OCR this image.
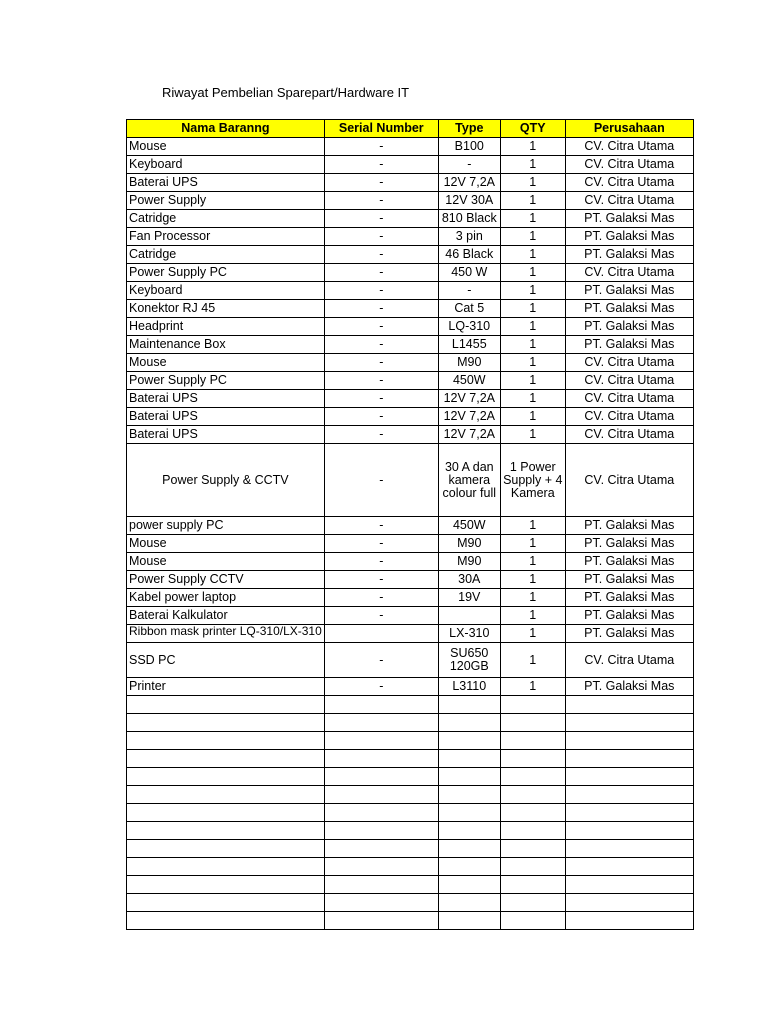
Riwayat Pembelian Sparepart/Hardware IT
Nama Baranng	Serial Number	Type	QTY	Perusahaan
Mouse	-	B100	1	CV. Citra Utama
Keyboard	-	-	1	CV. Citra Utama
Baterai UPS	-	12V 7,2A	1	CV. Citra Utama
Power Supply	-	12V 30A	1	CV. Citra Utama
Catridge	-	810 Black	1	PT. Galaksi Mas
Fan Processor	-	3 pin	1	PT. Galaksi Mas
Catridge	-	46 Black	1	PT. Galaksi Mas
Power Supply PC	-	450 W	1	CV. Citra Utama
Keyboard	-	-	1	PT. Galaksi Mas
Konektor RJ 45	-	Cat 5	1	PT. Galaksi Mas
Headprint	-	LQ-310	1	PT. Galaksi Mas
Maintenance Box	-	L1455	1	PT. Galaksi Mas
Mouse	-	M90	1	CV. Citra Utama
Power Supply PC	-	450W	1	CV. Citra Utama
Baterai UPS	-	12V 7,2A	1	CV. Citra Utama
Baterai UPS	-	12V 7,2A	1	CV. Citra Utama
Baterai UPS	-	12V 7,2A	1	CV. Citra Utama
Power Supply & CCTV	-	30 A dan kamera colour full	1 Power Supply + 4 Kamera	CV. Citra Utama
power supply PC	-	450W	1	PT. Galaksi Mas
Mouse	-	M90	1	PT. Galaksi Mas
Mouse	-	M90	1	PT. Galaksi Mas
Power Supply CCTV	-	30A	1	PT. Galaksi Mas
Kabel power laptop	-	19V	1	PT. Galaksi Mas
Baterai Kalkulator	-		1	PT. Galaksi Mas
Ribbon mask printer LQ-310/LX-310		LX-310	1	PT. Galaksi Mas
SSD PC	-	SU650 120GB	1	CV. Citra Utama
Printer	-	L3110	1	PT. Galaksi Mas
